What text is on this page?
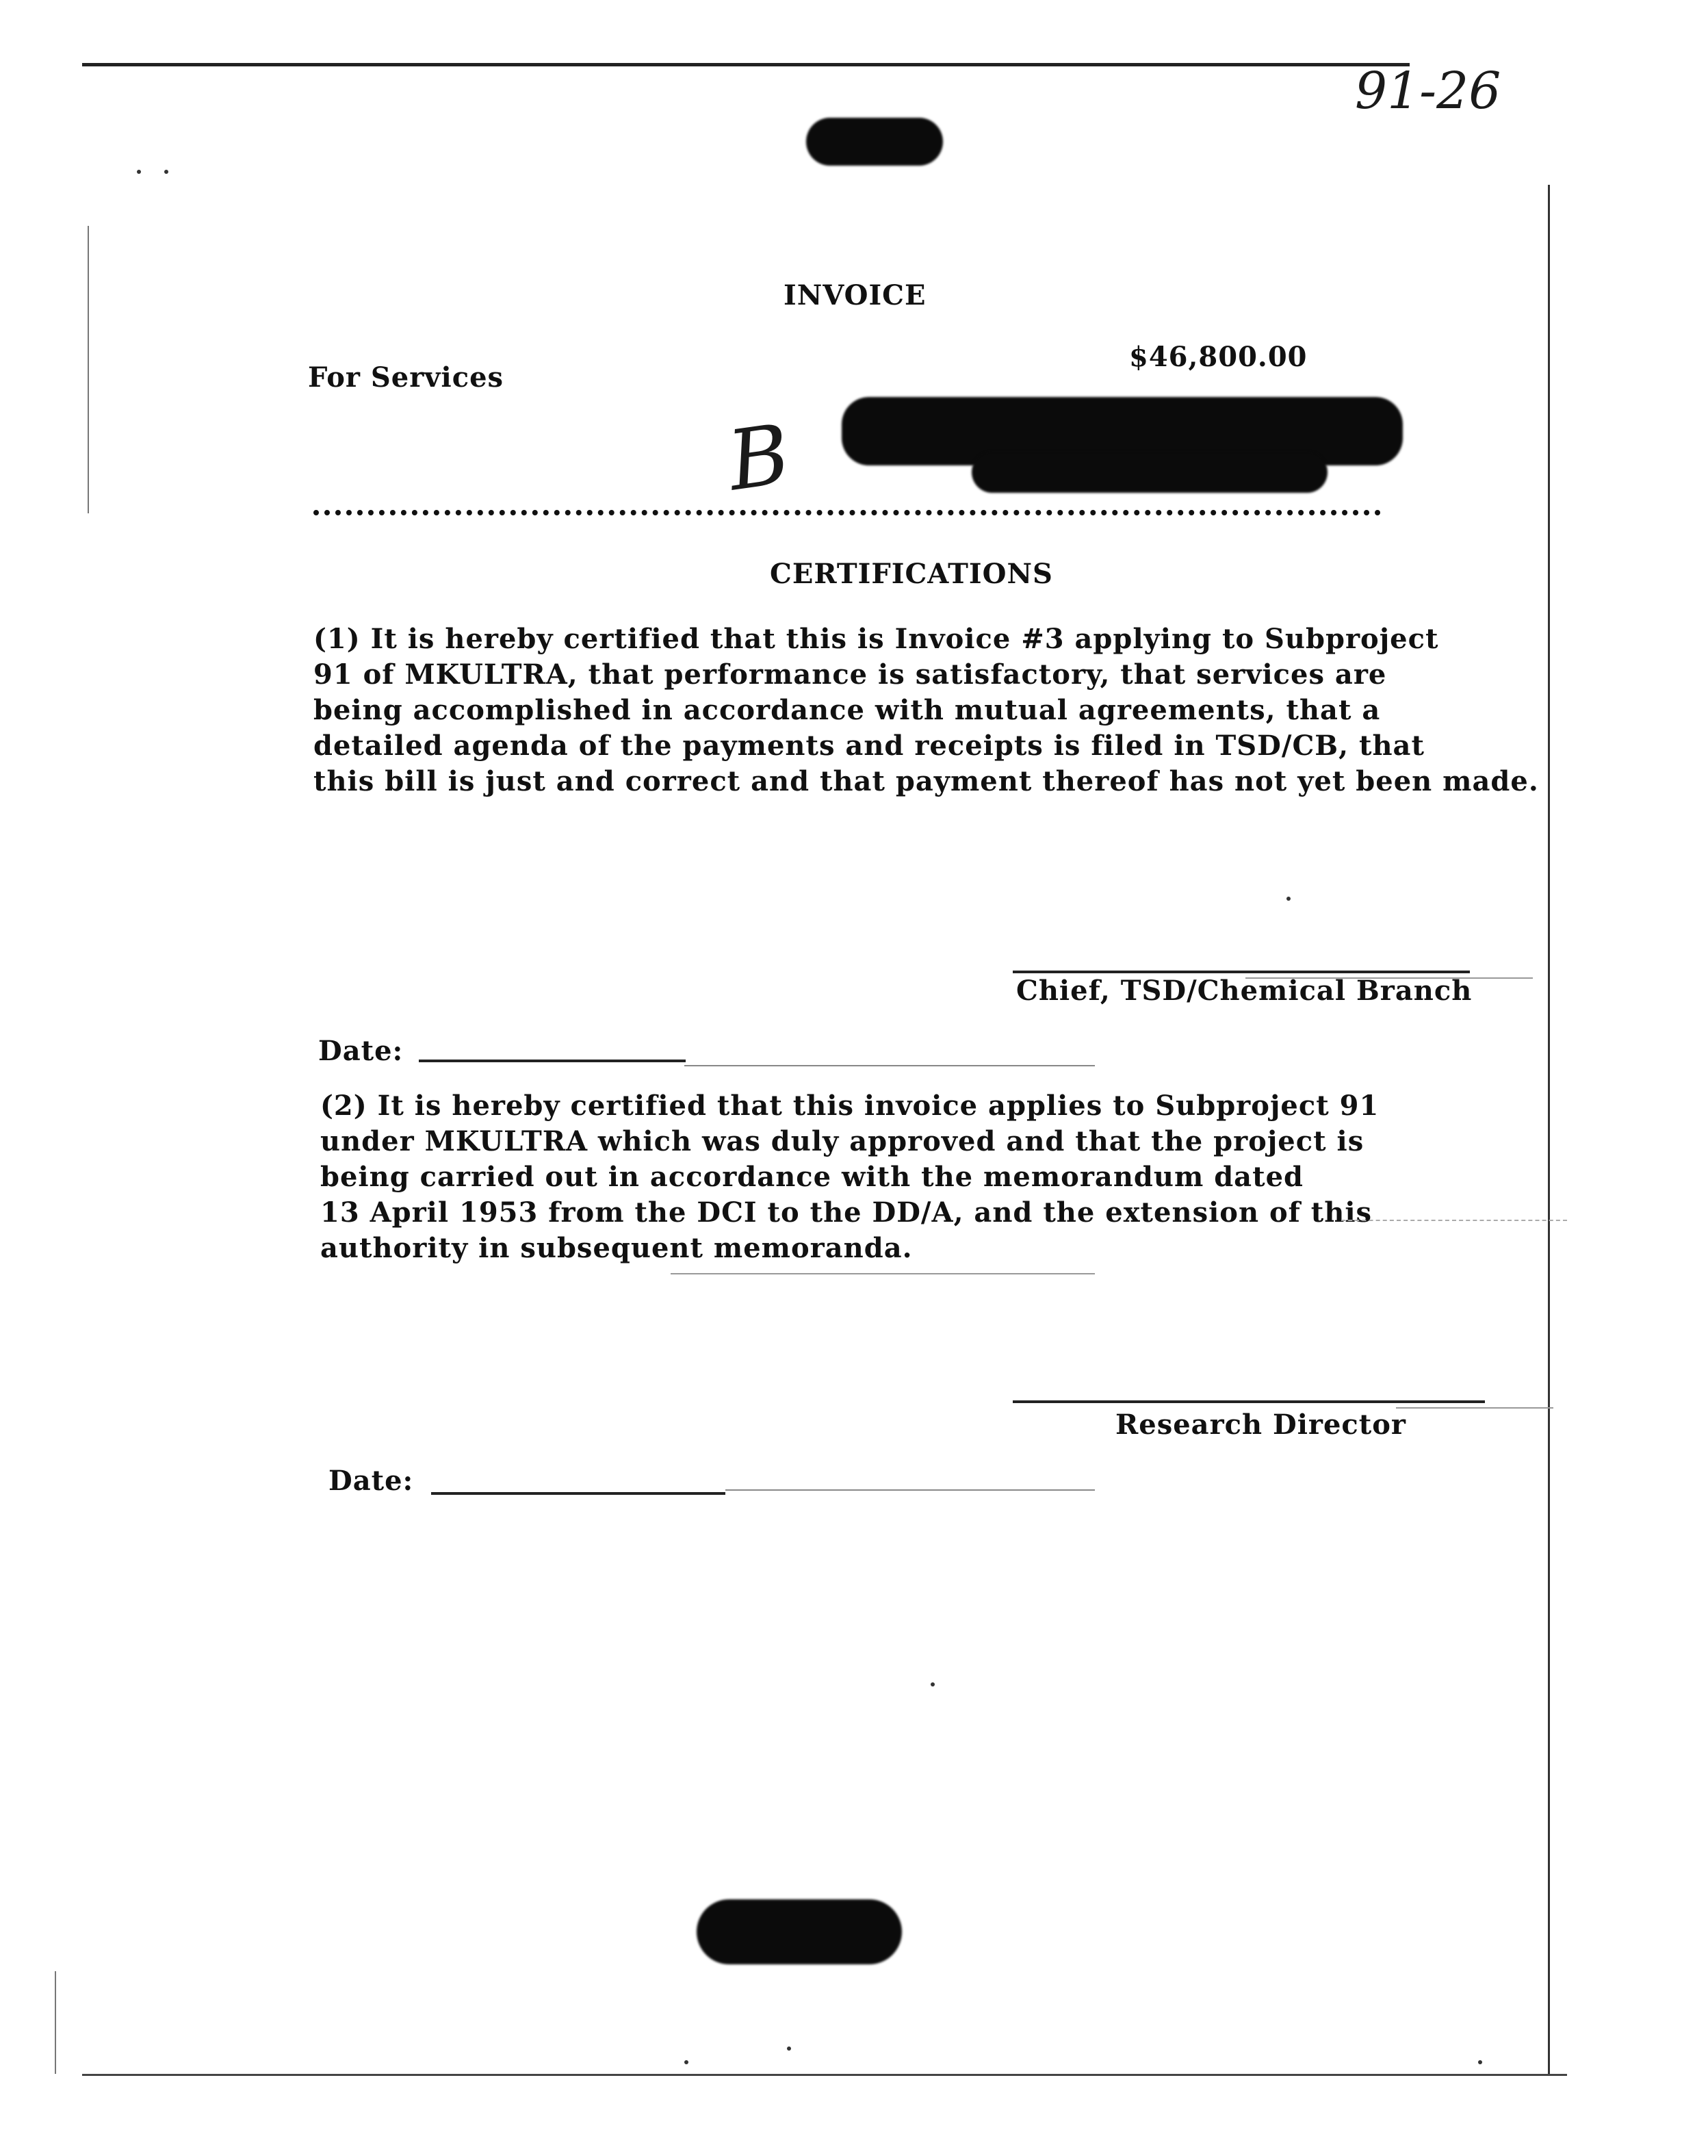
91-26
INVOICE
For Services
$46,800.00
B
CERTIFICATIONS

(1) It is hereby certified that this is Invoice #3 applying to Subproject

91 of MKULTRA, that performance is satisfactory, that services are

being accomplished in accordance with mutual agreements, that a

detailed agenda of the payments and receipts is filed in TSD/CB, that

this bill is just and correct and that payment thereof has not yet been made.

Chief, TSD/Chemical Branch
Date:

(2) It is hereby certified that this invoice applies to Subproject 91

under MKULTRA which was duly approved and that the project is

being carried out in accordance with the memorandum dated

13 April 1953 from the DCI to the DD/A, and the extension of this

authority in subsequent memoranda.

Research Director
Date:
